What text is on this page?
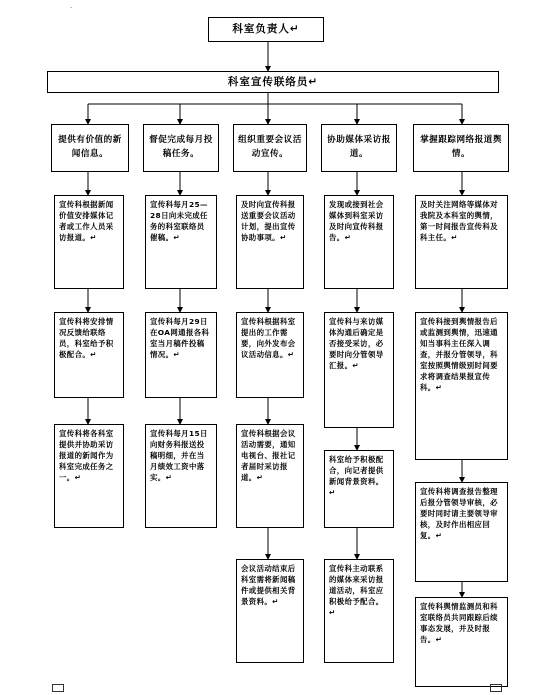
·
科室负责人↵
科室宣传联络员↵
提供有价值的新闻信息。
宣传科根据新闻价值安排媒体记者或工作人员采访报道。↵
宣传科将安排情况反馈给联络员，科室给予积极配合。↵
宣传科将各科室提供并协助采访报道的新闻作为科室完成任务之一。↵
督促完成每月投稿任务。
宣传科每月25—28日向未完成任务的科室联络员催稿。↵
宣传科每月29日在OA网通报各科室当月稿件投稿情况。↵
宣传科每月15日向财务科报送投稿明细，并在当月绩效工资中落实。↵
组织重要会议活动宣传。
及时向宣传科报送重要会议活动计划，提出宣传协助事项。↵
宣传科根据科室提出的工作需要，向外发布会议活动信息。↵
宣传科根据会议活动需要，通知电视台、报社记者届时采访报道。↵
会议活动结束后科室需将新闻稿件或提供相关背景资料。↵
协助媒体采访报道。
发现或接到社会媒体到科室采访及时向宣传科报告。↵
宣传科与来访媒体沟通后确定是否接受采访，必要时向分管领导汇报。↵
科室给予积极配合，向记者提供新闻背景资料。↵
宣传科主动联系的媒体来采访报道活动，科室应积极给予配合。↵
掌握跟踪网络报道舆情。
及时关注网络等媒体对我院及本科室的舆情，第一时间报告宣传科及科主任。↵
宣传科接到舆情报告后或监测到舆情，迅速通知当事科主任深入调查，并报分管领导，科室按照舆情级别时间要求将调查结果报宣传科。↵
宣传科将调查报告整理后报分管领导审核，必要时同时请主要领导审核，及时作出相应回复。↵
宣传科舆情监测员和科室联络员共同跟踪后续事态发展，并及时报告。↵
